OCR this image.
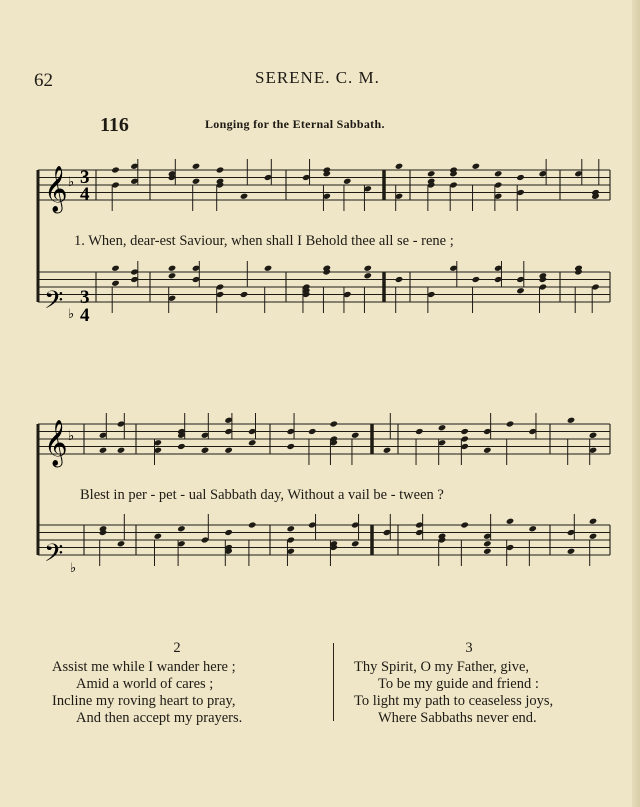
62	SERENE. C. M.
116	Longing for the Eternal Sabbath.
𝄞
𝄢
𝄞
𝄢
♭
♭
♭
♭
3
4
3
4
1. When, dear-est Saviour, when shall I Behold thee all se - rene ;
Blest in per - pet - ual Sabbath day, Without a vail be - tween ?
2
Assist me while I wander here ;
Amid a world of cares ;
Incline my roving heart to pray,
And then accept my prayers.
3
Thy Spirit, O my Father, give,
To be my guide and friend :
To light my path to ceaseless joys,
Where Sabbaths never end.
